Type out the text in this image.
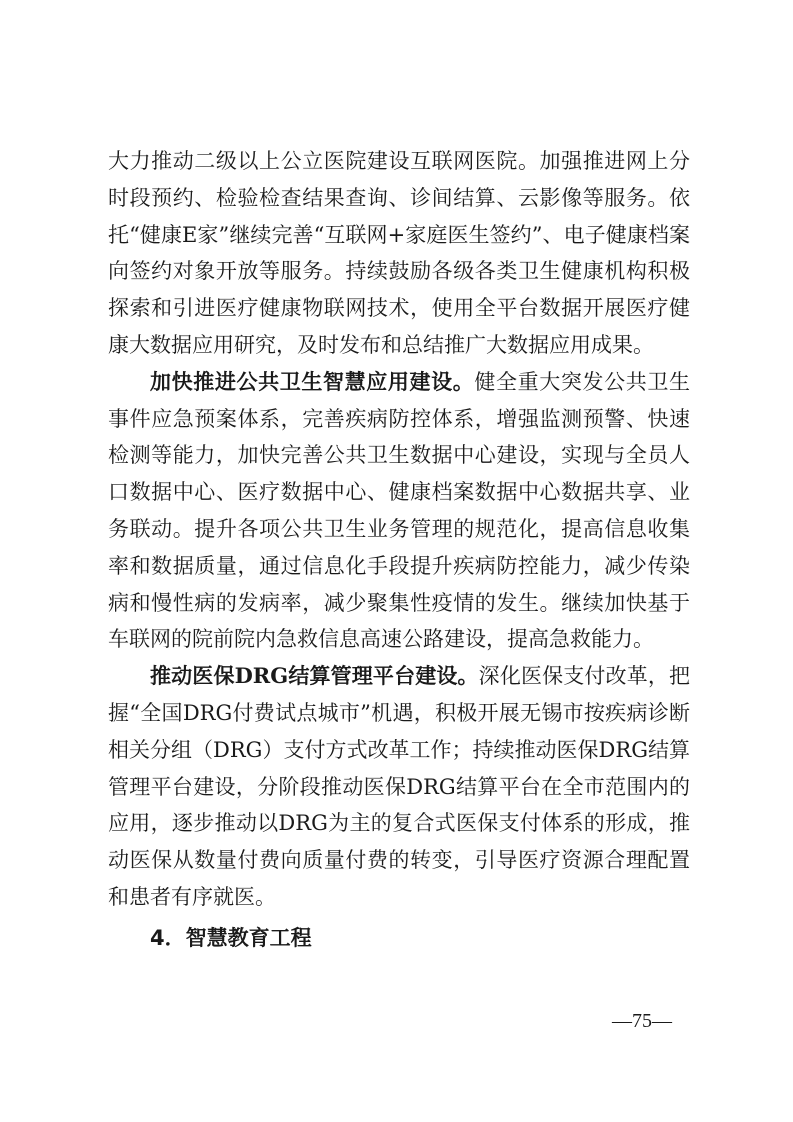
大力推动二级以上公立医院建设互联网医院。加强推进网上分
时段预约、检验检查结果查询、诊间结算、云影像等服务。依
托“健康E家”继续完善“互联网+家庭医生签约”、电子健康档案
向签约对象开放等服务。持续鼓励各级各类卫生健康机构积极
探索和引进医疗健康物联网技术，使用全平台数据开展医疗健
康大数据应用研究，及时发布和总结推广大数据应用成果。
加快推进公共卫生智慧应用建设。健全重大突发公共卫生
事件应急预案体系，完善疾病防控体系，增强监测预警、快速
检测等能力，加快完善公共卫生数据中心建设，实现与全员人
口数据中心、医疗数据中心、健康档案数据中心数据共享、业
务联动。提升各项公共卫生业务管理的规范化，提高信息收集
率和数据质量，通过信息化手段提升疾病防控能力，减少传染
病和慢性病的发病率，减少聚集性疫情的发生。继续加快基于
车联网的院前院内急救信息高速公路建设，提高急救能力。
推动医保DRG结算管理平台建设。深化医保支付改革，把
握“全国DRG付费试点城市”机遇，积极开展无锡市按疾病诊断
相关分组（DRG）支付方式改革工作；持续推动医保DRG结算
管理平台建设，分阶段推动医保DRG结算平台在全市范围内的
应用，逐步推动以DRG为主的复合式医保支付体系的形成，推
动医保从数量付费向质量付费的转变，引导医疗资源合理配置
和患者有序就医。
4．智慧教育工程
—75—
